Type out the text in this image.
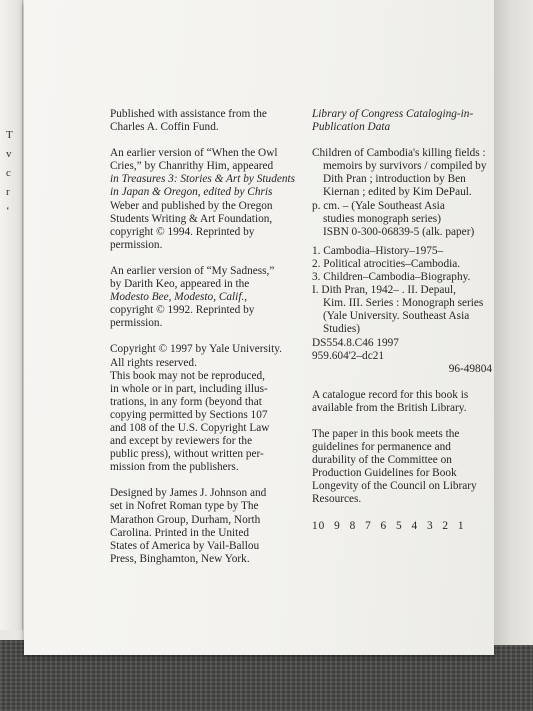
T
v
c
r
ʻ
Published with assistance from the
Charles A. Coffin Fund.
An earlier version of “When the Owl
Cries,” by Chanrithy Him, appeared
in Treasures 3: Stories & Art by Students
in Japan & Oregon, edited by Chris
Weber and published by the Oregon
Students Writing & Art Foundation,
copyright © 1994. Reprinted by
permission.
An earlier version of “My Sadness,”
by Darith Keo, appeared in the
Modesto Bee, Modesto, Calif.,
copyright © 1992. Reprinted by
permission.
Copyright © 1997 by Yale University.
All rights reserved.
This book may not be reproduced,
in whole or in part, including illus-
trations, in any form (beyond that
copying permitted by Sections 107
and 108 of the U.S. Copyright Law
and except by reviewers for the
public press), without written per-
mission from the publishers.
Designed by James J. Johnson and
set in Nofret Roman type by The
Marathon Group, Durham, North
Carolina. Printed in the United
States of America by Vail-Ballou
Press, Binghamton, New York.
Library of Congress Cataloging-in-
Publication Data
Children of Cambodia's killing fields :
memoirs by survivors / compiled by
Dith Pran ; introduction by Ben
Kiernan ; edited by Kim DePaul.
p. cm. – (Yale Southeast Asia
studies monograph series)
ISBN 0-300-06839-5 (alk. paper)
1. Cambodia–History–1975–
2. Political atrocities–Cambodia.
3. Children–Cambodia–Biography.
I. Dith Pran, 1942– . II. Depaul,
Kim. III. Series : Monograph series
(Yale University. Southeast Asia
Studies)
DS554.8.C46 1997
959.604'2–dc21
96-49804
A catalogue record for this book is
available from the British Library.
The paper in this book meets the
guidelines for permanence and
durability of the Committee on
Production Guidelines for Book
Longevity of the Council on Library
Resources.
10 9 8 7 6 5 4 3 2 1
